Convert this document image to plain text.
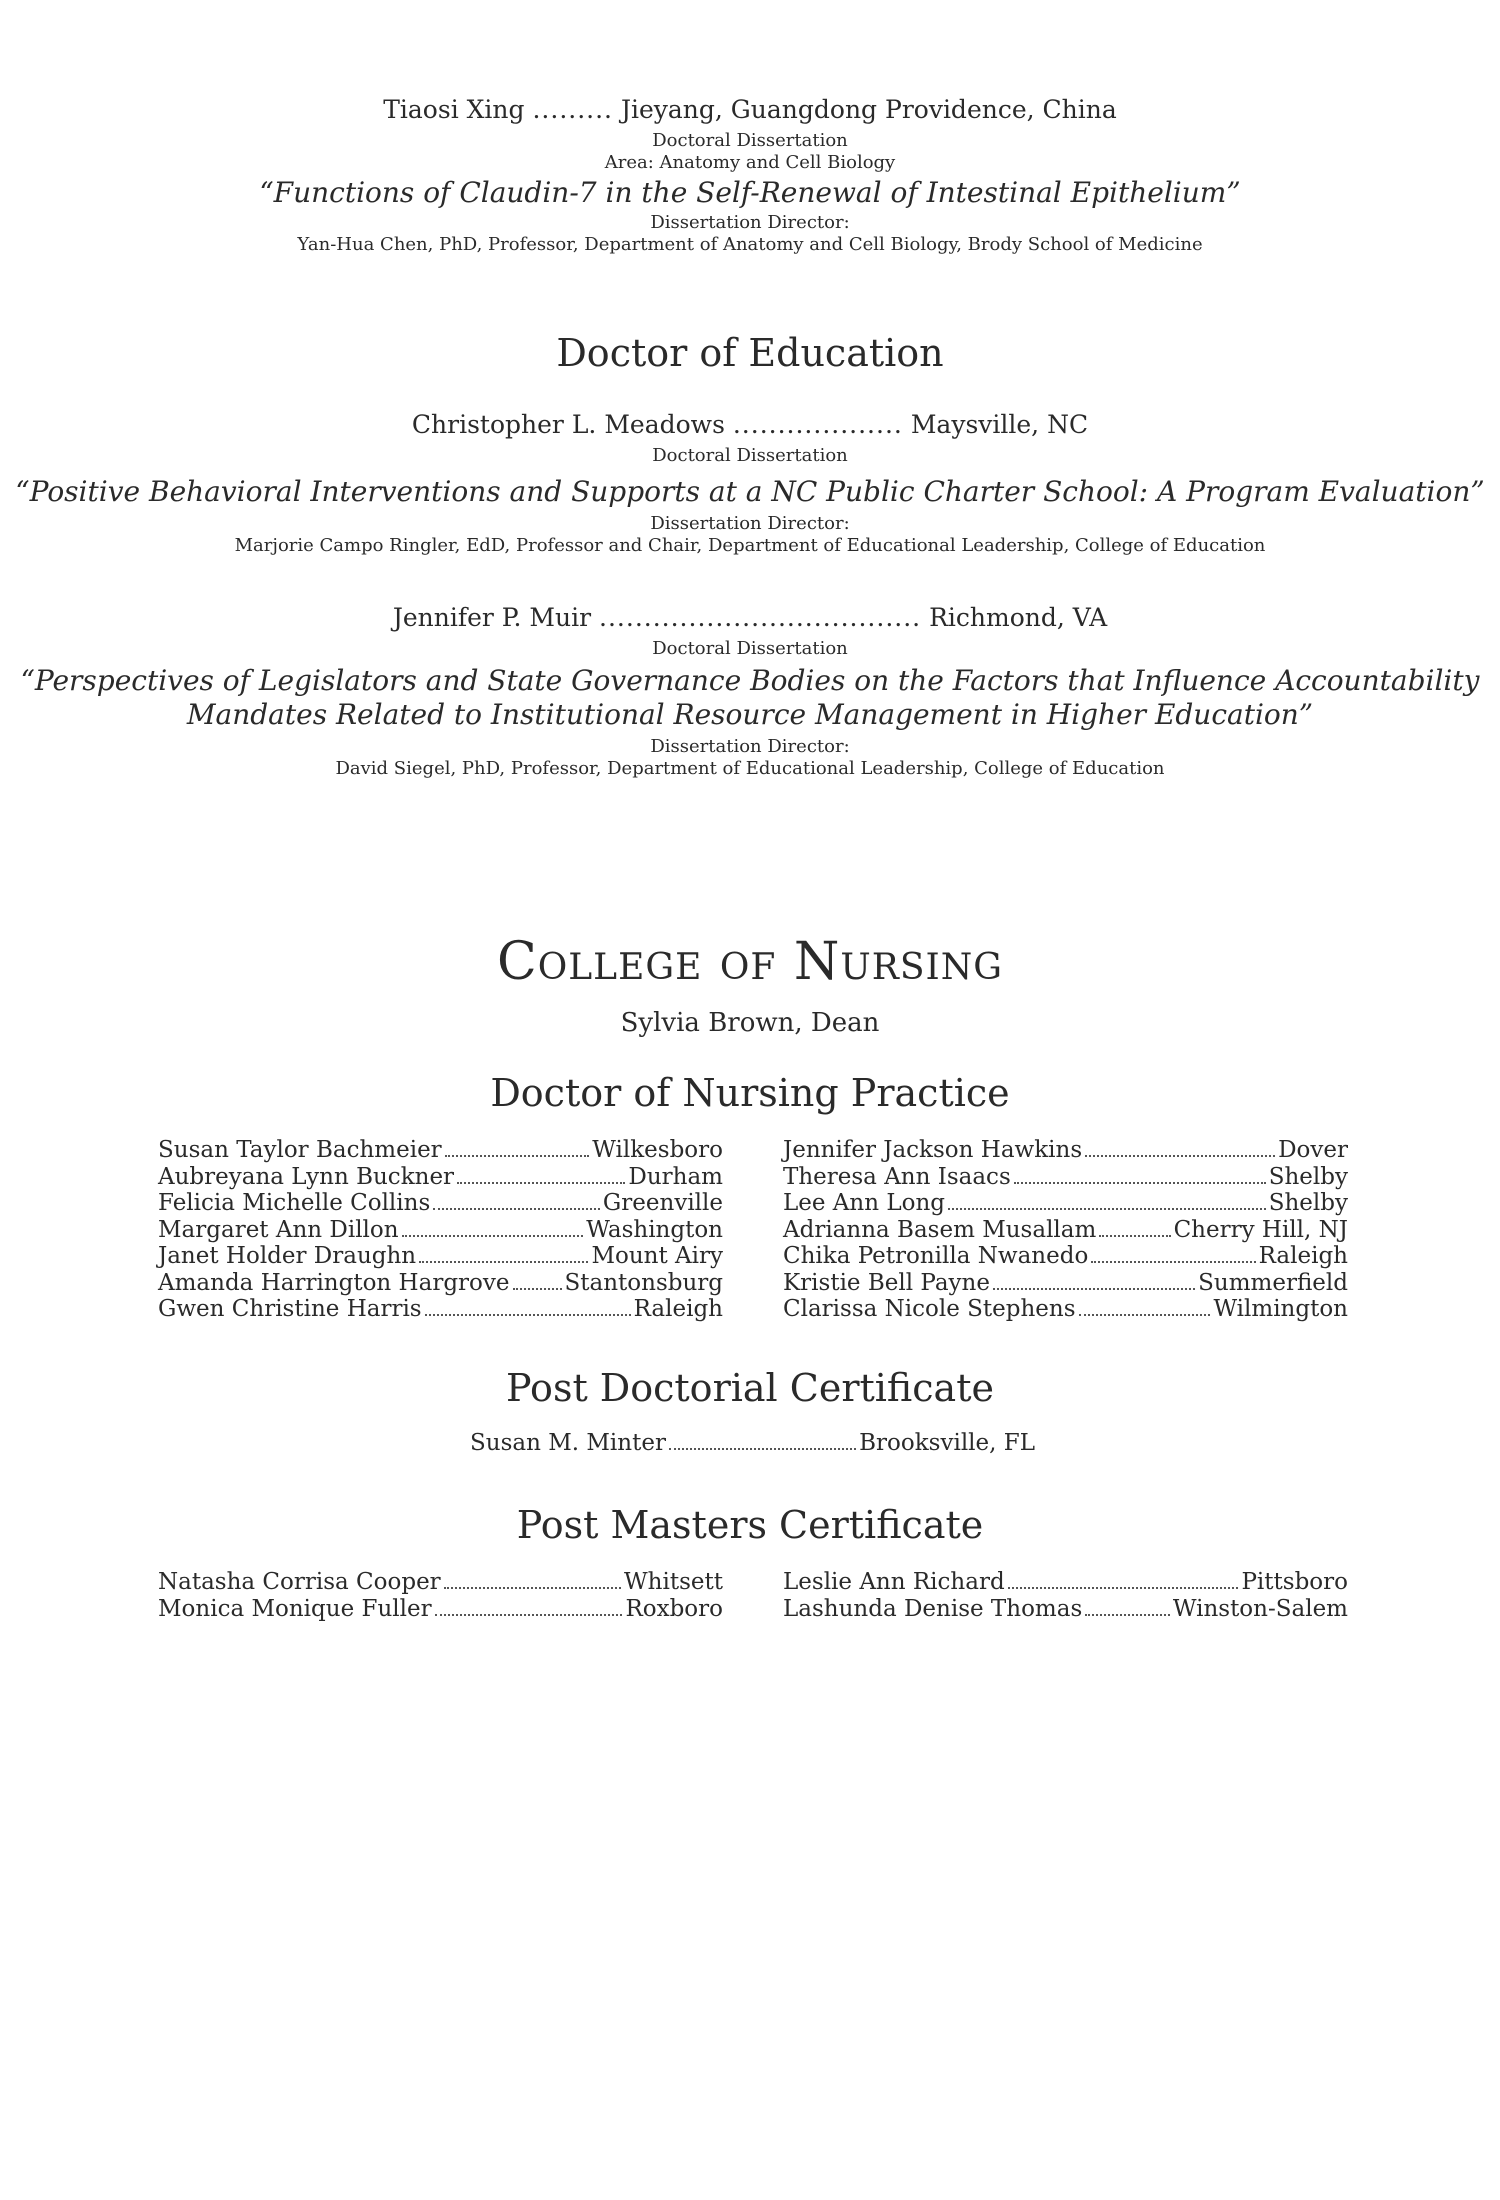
Tiaosi Xing ......... Jieyang, Guangdong Providence, China
Doctoral Dissertation
Area: Anatomy and Cell Biology
“Functions of Claudin-7 in the Self-Renewal of Intestinal Epithelium”
Dissertation Director:
Yan-Hua Chen, PhD, Professor, Department of Anatomy and Cell Biology, Brody School of Medicine
Doctor of Education
Christopher L. Meadows ................... Maysville, NC
Doctoral Dissertation
“Positive Behavioral Interventions and Supports at a NC Public Charter School: A Program Evaluation”
Dissertation Director:
Marjorie Campo Ringler, EdD, Professor and Chair, Department of Educational Leadership, College of Education
Jennifer P. Muir .................................... Richmond, VA
Doctoral Dissertation
“Perspectives of Legislators and State Governance Bodies on the Factors that Influence Accountability
Mandates Related to Institutional Resource Management in Higher Education”
Dissertation Director:
David Siegel, PhD, Professor, Department of Educational Leadership, College of Education
College of Nursing
Sylvia Brown, Dean
Doctor of Nursing Practice
Susan Taylor Bachmeier	Wilkesboro
Aubreyana Lynn Buckner	Durham
Felicia Michelle Collins	Greenville
Margaret Ann Dillon	Washington
Janet Holder Draughn	Mount Airy
Amanda Harrington Hargrove Stantonsburg
Gwen Christine Harris	Raleigh
Jennifer Jackson Hawkins	Dover
Theresa Ann Isaacs	Shelby
Lee Ann Long	Shelby
Adrianna Basem Musallam	Cherry Hill, NJ
Chika Petronilla Nwanedo	Raleigh
Kristie Bell Payne	Summerfield
Clarissa Nicole Stephens	Wilmington
Post Doctorial Certificate
Susan M. Minter	Brooksville, FL
Post Masters Certificate
Natasha Corrisa Cooper	Whitsett
Monica Monique Fuller	Roxboro
Leslie Ann Richard	Pittsboro
Lashunda Denise Thomas	Winston-Salem
